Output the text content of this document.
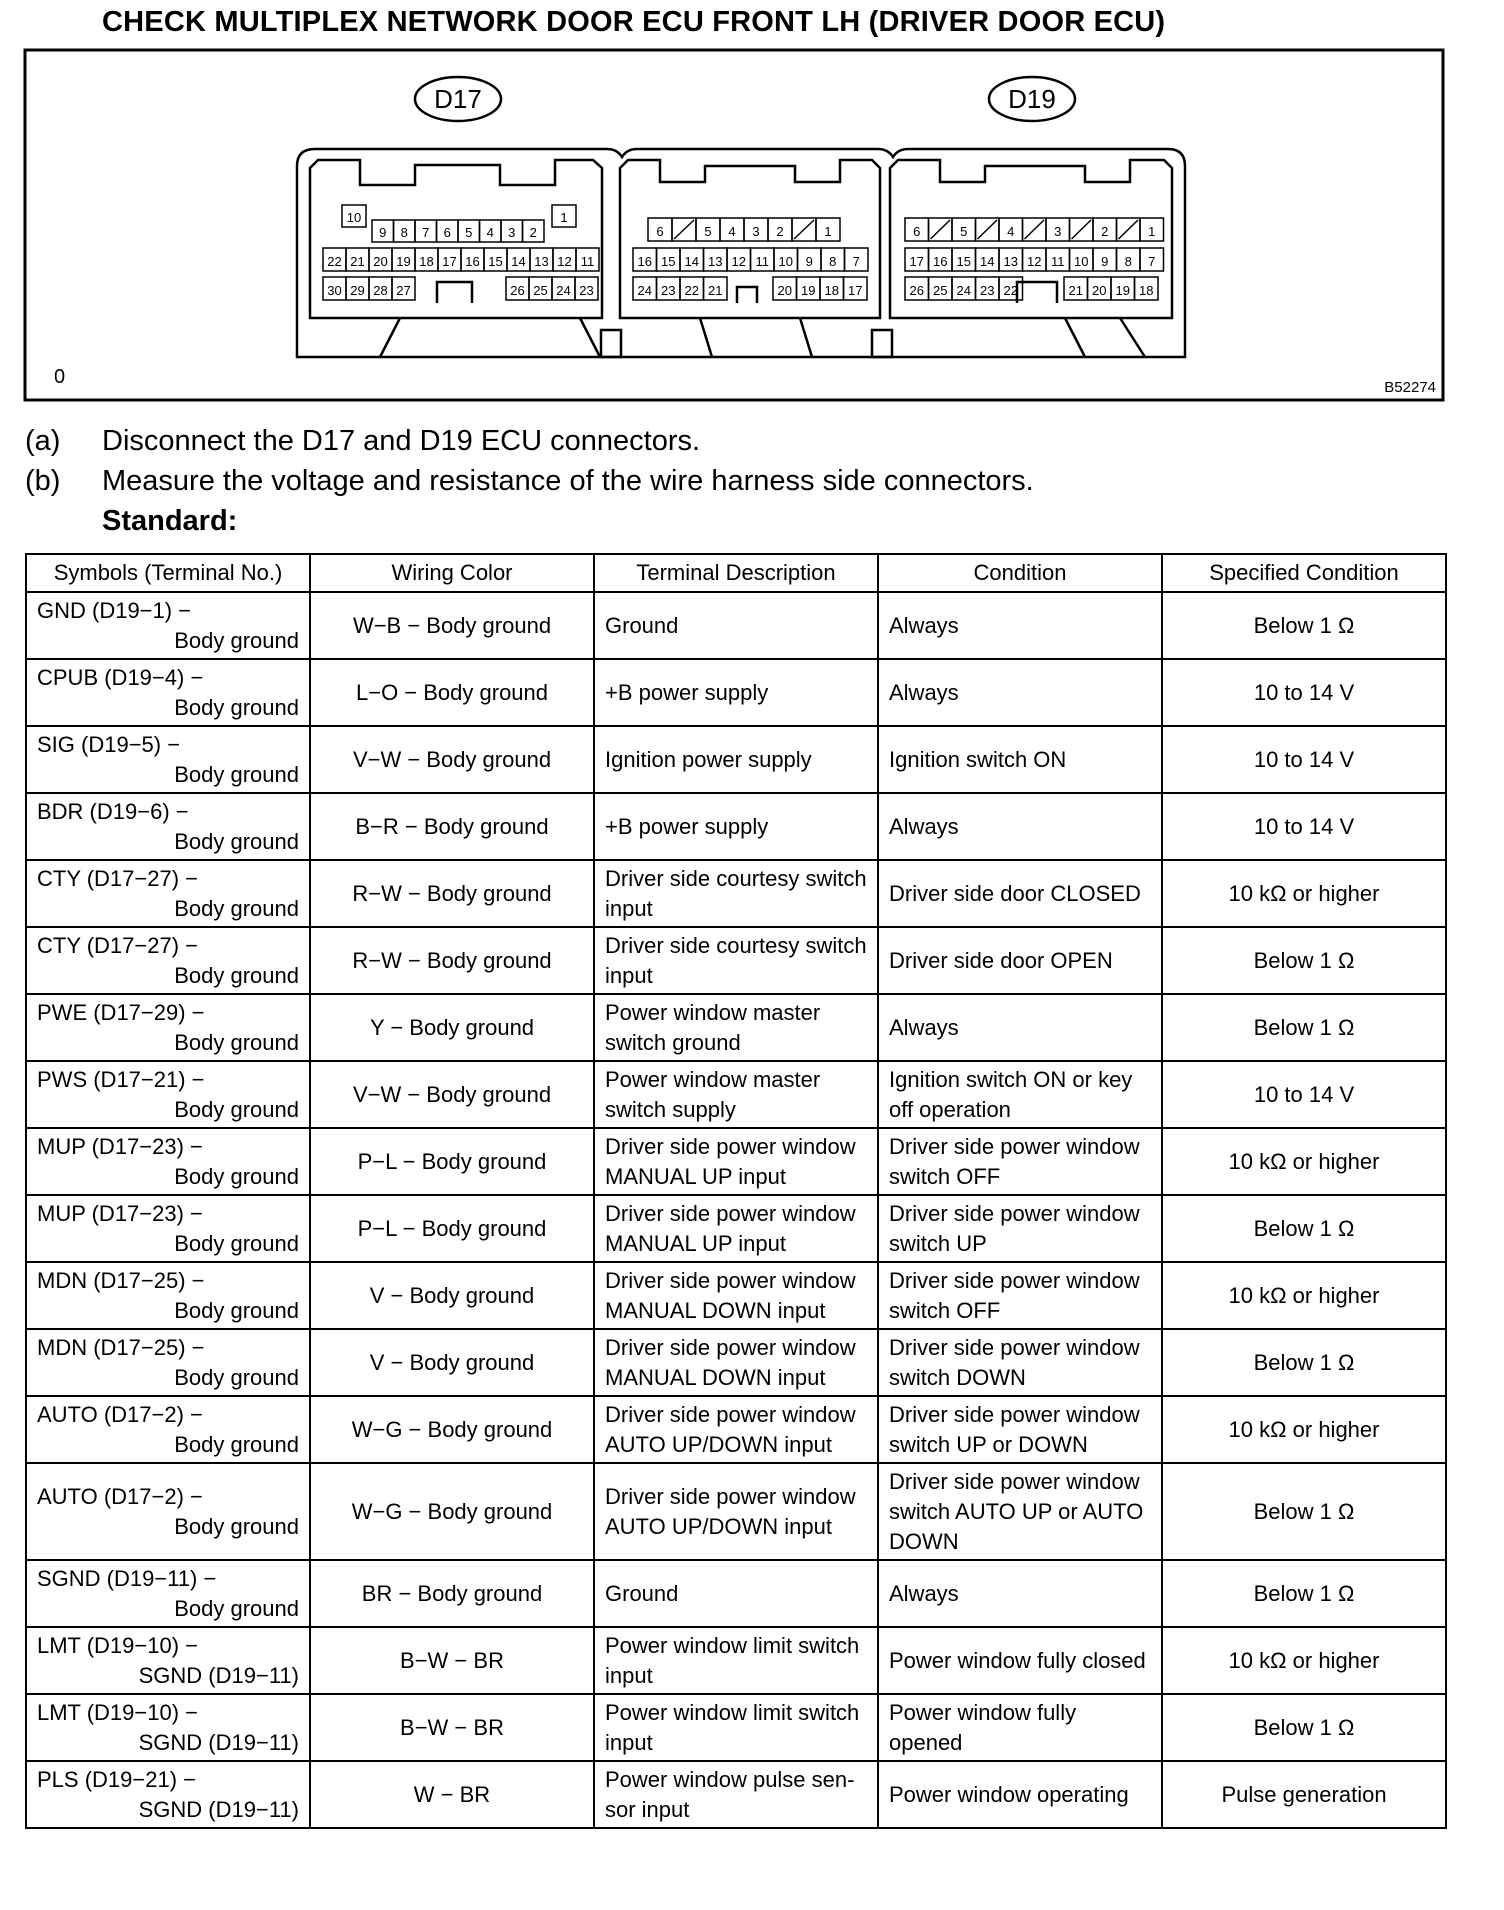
CHECK MULTIPLEX NETWORK DOOR ECU FRONT LH (DRIVER DOOR ECU)
D17	D19
0	B52274
10	1
9 8 7 6 5 4 3 2
22 21 20 19 18 17 16 15 14 13 12 11
30 29 28 27	26 25 24 23
6	5 4 3 2	1
16 15 14 13 12 11 10 9 8 7
24 23 22 21	20 19 18 17
6	5	4	3	2	1
17 16 15 14 13 12 11 10 9 8 7
26 25 24 23 22	21 20 19 18
(a) Disconnect the D17 and D19 ECU connectors.
(b) Measure the voltage and resistance of the wire harness side connectors.
Standard:
Symbols (Terminal No.)	Wiring Color	Terminal Description	Condition	Specified Condition

GND (D19−1) −
Body ground	W−B − Body ground	Ground	Always	Below 1 Ω

CPUB (D19−4) −
Body ground	L−O − Body ground	+B power supply	Always	10 to 14 V

SIG (D19−5) −
Body ground	V−W − Body ground	Ignition power supply	Ignition switch ON	10 to 14 V

BDR (D19−6) −
Body ground	B−R − Body ground	+B power supply	Always	10 to 14 V

CTY (D17−27) −
Body ground	R−W − Body ground	Driver side courtesy switch input	Driver side door CLOSED	10 kΩ or higher

CTY (D17−27) −
Body ground	R−W − Body ground	Driver side courtesy switch input	Driver side door OPEN	Below 1 Ω

PWE (D17−29) −
Body ground	Y − Body ground	Power window master switch ground	Always	Below 1 Ω

PWS (D17−21) −
Body ground	V−W − Body ground	Power window master switch supply	Ignition switch ON or key off operation	10 to 14 V

MUP (D17−23) −
Body ground	P−L − Body ground	Driver side power window MANUAL UP input	Driver side power window switch OFF	10 kΩ or higher

MUP (D17−23) −
Body ground	P−L − Body ground	Driver side power window MANUAL UP input	Driver side power window switch UP	Below 1 Ω

MDN (D17−25) −
Body ground	V − Body ground	Driver side power window MANUAL DOWN input	Driver side power window switch OFF	10 kΩ or higher

MDN (D17−25) −
Body ground	V − Body ground	Driver side power window MANUAL DOWN input	Driver side power window switch DOWN	Below 1 Ω

AUTO (D17−2) −
Body ground	W−G − Body ground	Driver side power window AUTO UP/DOWN input	Driver side power window switch UP or DOWN	10 kΩ or higher

AUTO (D17−2) −
Body ground	W−G − Body ground	Driver side power window AUTO UP/DOWN input	Driver side power window switch AUTO UP or AUTO DOWN	Below 1 Ω

SGND (D19−11) −
Body ground	BR − Body ground	Ground	Always	Below 1 Ω

LMT (D19−10) −
SGND (D19−11)	B−W − BR	Power window limit switch input	Power window fully closed	10 kΩ or higher

LMT (D19−10) −
SGND (D19−11)	B−W − BR	Power window limit switch input	Power window fully opened	Below 1 Ω

PLS (D19−21) −
SGND (D19−11)	W − BR	Power window pulse sen- sor input	Power window operating	Pulse generation
